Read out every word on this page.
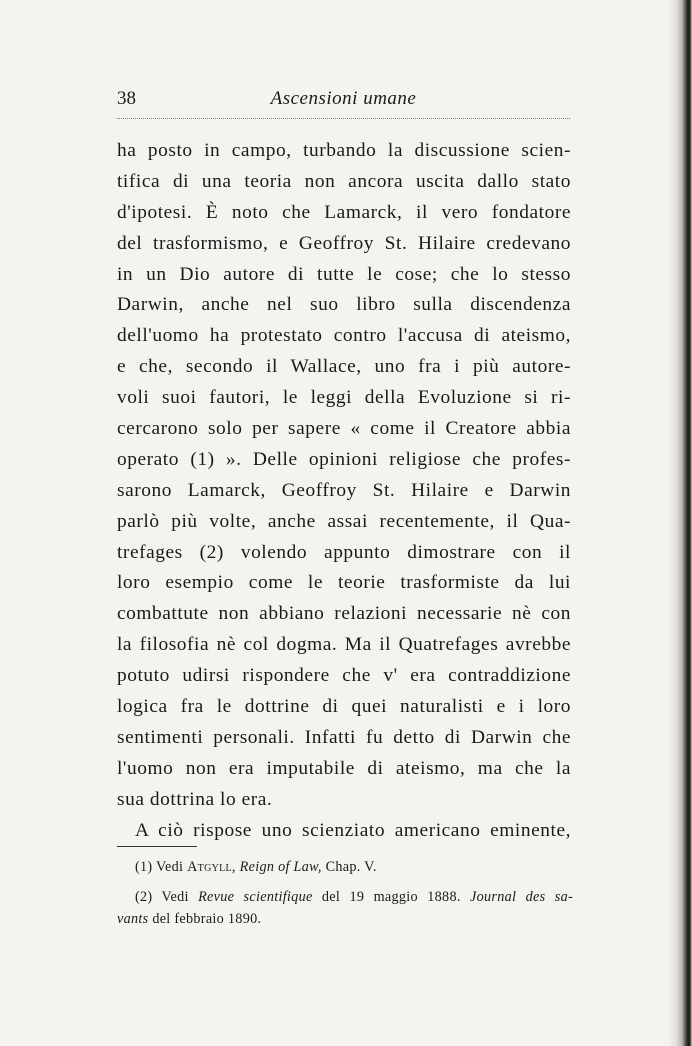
38	Ascensioni umane
ha posto in campo, turbando la discussione scien-
tifica di una teoria non ancora uscita dallo stato
d'ipotesi. È noto che Lamarck, il vero fondatore
del trasformismo, e Geoffroy St. Hilaire credevano
in un Dio autore di tutte le cose; che lo stesso
Darwin, anche nel suo libro sulla discendenza
dell'uomo ha protestato contro l'accusa di ateismo,
e che, secondo il Wallace, uno fra i più autore-
voli suoi fautori, le leggi della Evoluzione si ri-
cercarono solo per sapere « come il Creatore abbia
operato (1) ». Delle opinioni religiose che profes-
sarono Lamarck, Geoffroy St. Hilaire e Darwin
parlò più volte, anche assai recentemente, il Qua-
trefages (2) volendo appunto dimostrare con il
loro esempio come le teorie trasformiste da lui
combattute non abbiano relazioni necessarie nè con
la filosofia nè col dogma. Ma il Quatrefages avrebbe
potuto udirsi rispondere che v' era contraddizione
logica fra le dottrine di quei naturalisti e i loro
sentimenti personali. Infatti fu detto di Darwin che
l'uomo non era imputabile di ateismo, ma che la
sua dottrina lo era.
A ciò rispose uno scienziato americano eminente,
(1) Vedi Atgyll, Reign of Law, Chap. V.
(2) Vedi Revue scientifique del 19 maggio 1888. Journal des sa-
vants del febbraio 1890.
